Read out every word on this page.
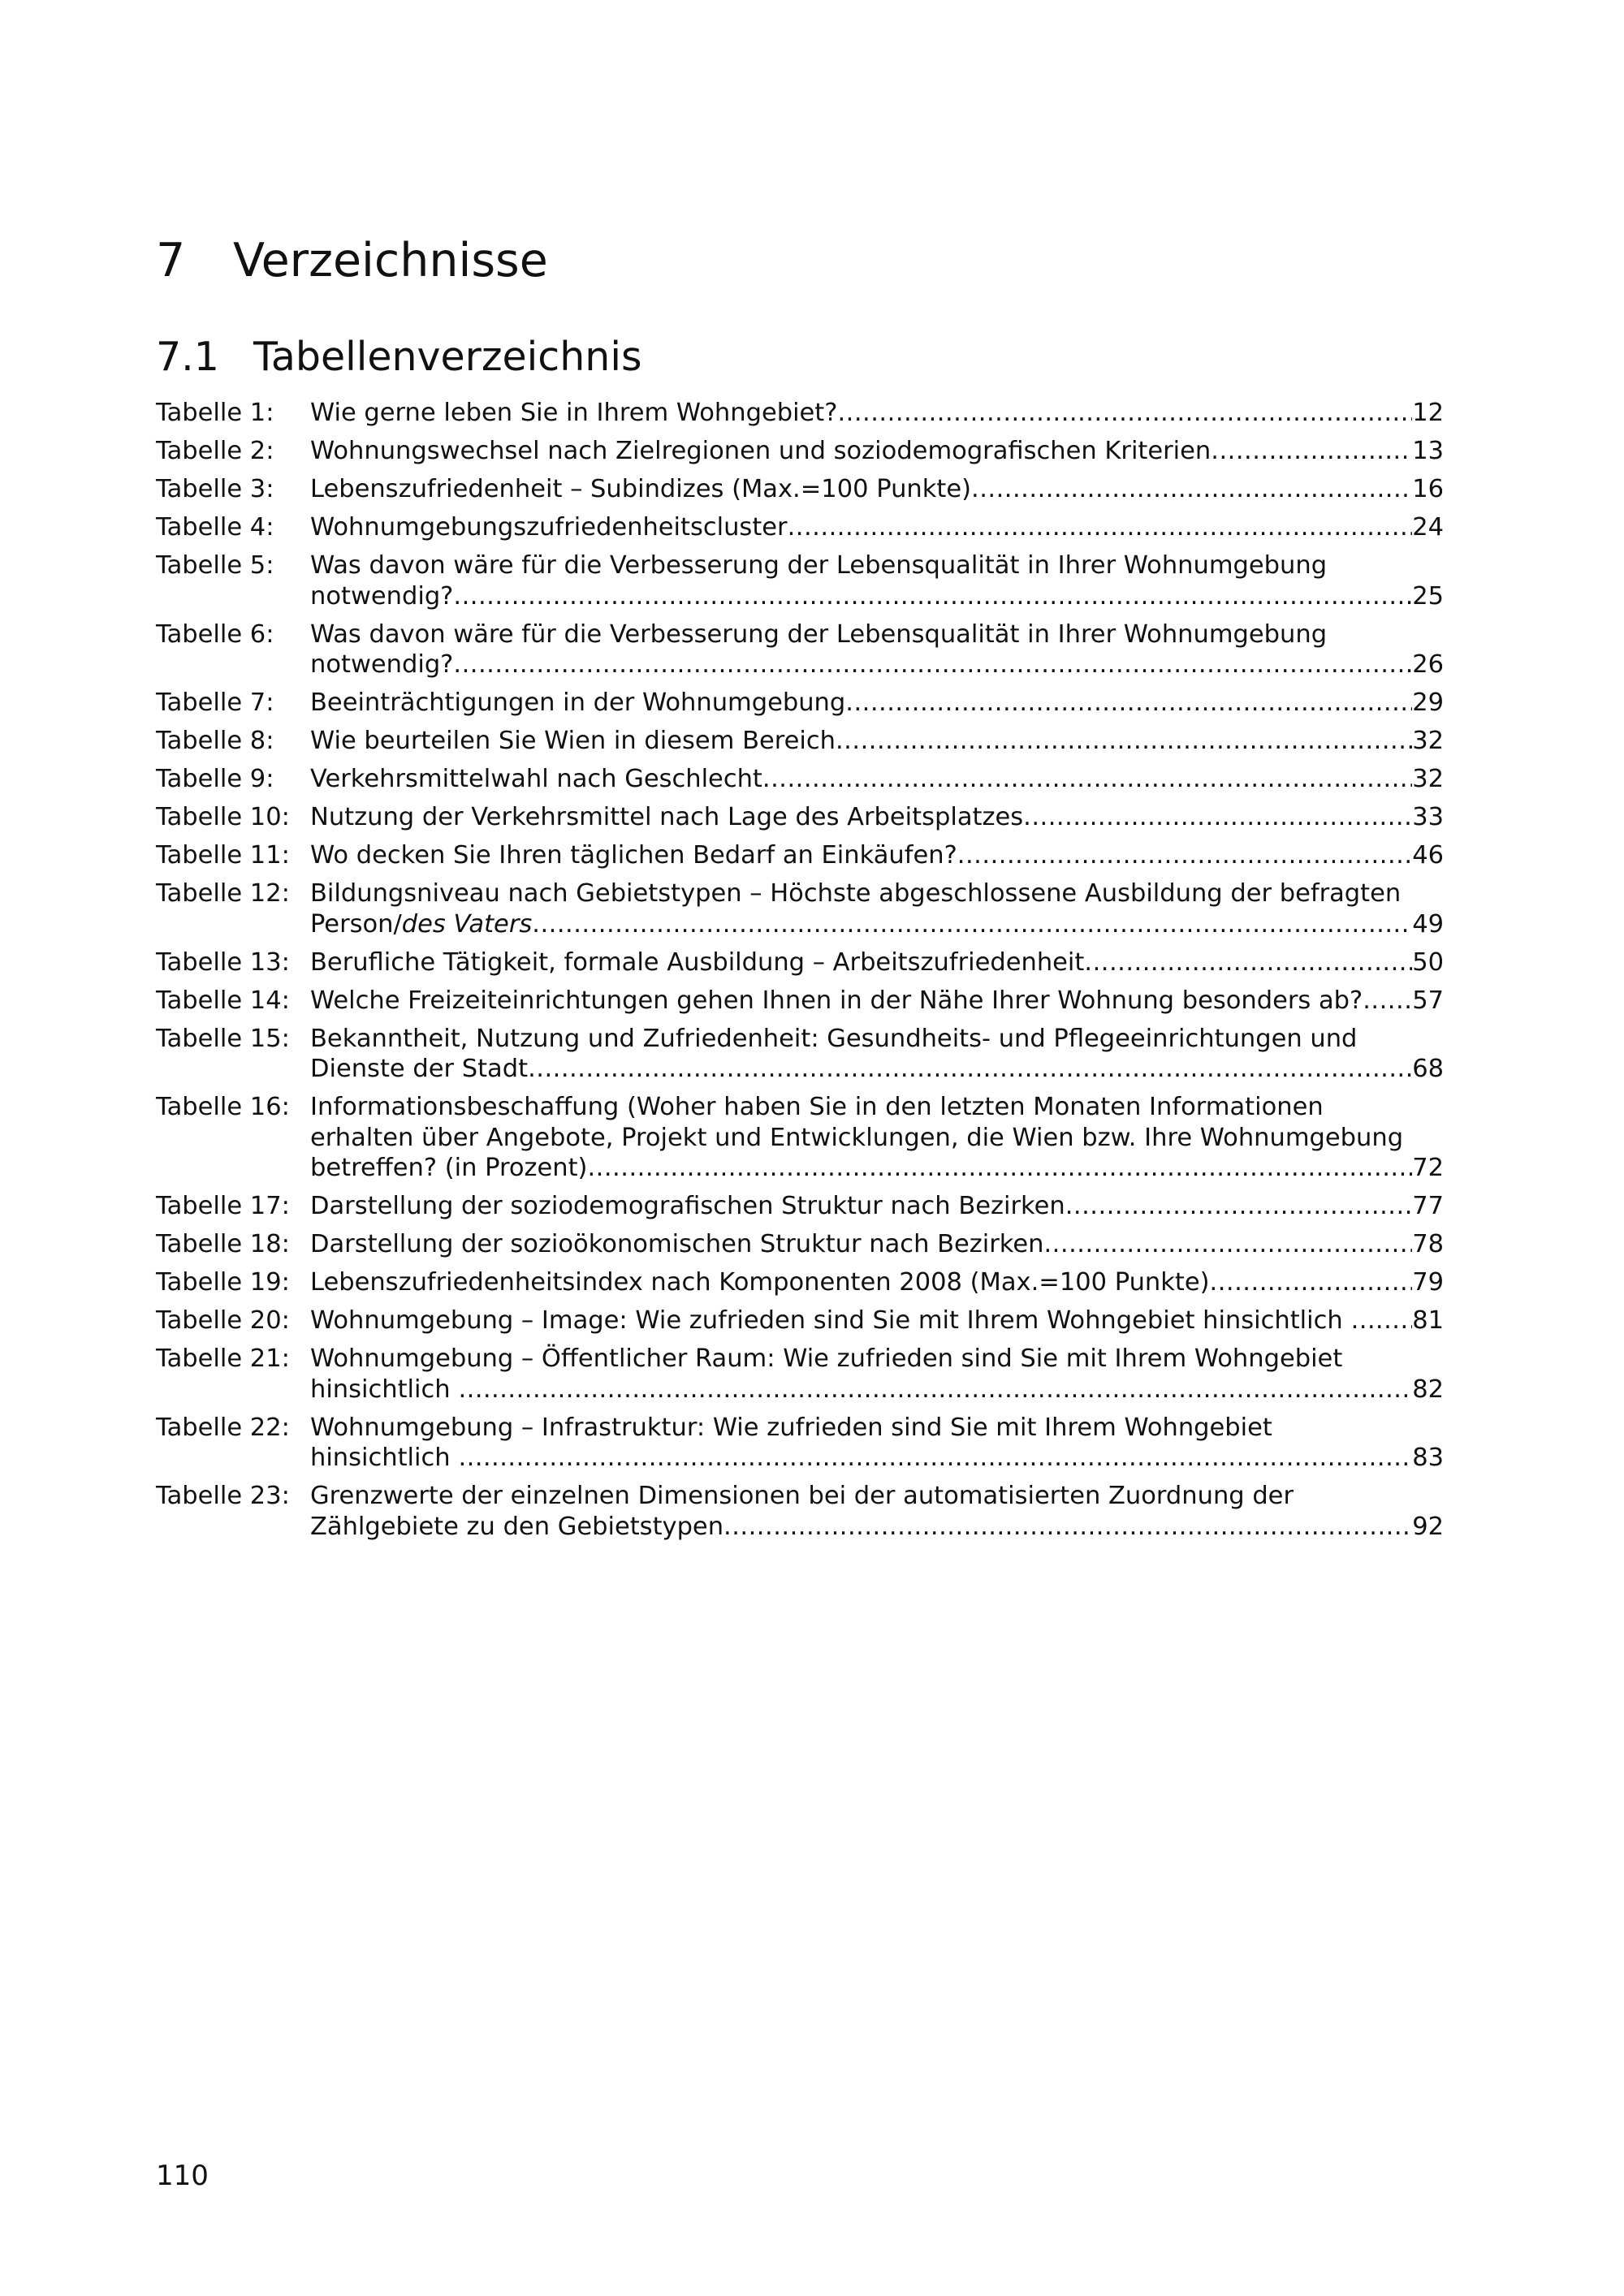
7 Verzeichnisse
7.1 Tabellenverzeichnis
Tabelle 1:	Wie gerne leben Sie in Ihrem Wohngebiet? .....	12
Tabelle 2:	Wohnungswechsel nach Zielregionen und soziodemografischen Kriterien .....	13
Tabelle 3:	Lebenszufriedenheit – Subindizes (Max.=100 Punkte) .....	16
Tabelle 4:	Wohnumgebungszufriedenheitscluster .....	24
Tabelle 5:	Was davon wäre für die Verbesserung der Lebensqualität in Ihrer Wohnumgebung
notwendig? .....	25
Tabelle 6:	Was davon wäre für die Verbesserung der Lebensqualität in Ihrer Wohnumgebung
notwendig? .....	26
Tabelle 7:	Beeinträchtigungen in der Wohnumgebung .....	29
Tabelle 8:	Wie beurteilen Sie Wien in diesem Bereich .....	32
Tabelle 9:	Verkehrsmittelwahl nach Geschlecht .....	32
Tabelle 10: Nutzung der Verkehrsmittel nach Lage des Arbeitsplatzes .....	33
Tabelle 11: Wo decken Sie Ihren täglichen Bedarf an Einkäufen? .....	46
Tabelle 12: Bildungsniveau nach Gebietstypen – Höchste abgeschlossene Ausbildung der befragten
Person/des Vaters .....	49
Tabelle 13: Berufliche Tätigkeit, formale Ausbildung – Arbeitszufriedenheit .....	50
Tabelle 14: Welche Freizeiteinrichtungen gehen Ihnen in der Nähe Ihrer Wohnung besonders ab? ..... 57
Tabelle 15: Bekanntheit, Nutzung und Zufriedenheit: Gesundheits- und Pflegeeinrichtungen und
Dienste der Stadt .....	68
Tabelle 16: Informationsbeschaffung (Woher haben Sie in den letzten Monaten Informationen
erhalten über Angebote, Projekt und Entwicklungen, die Wien bzw. Ihre Wohnumgebung
betreffen? (in Prozent) .....	72
Tabelle 17: Darstellung der soziodemografischen Struktur nach Bezirken .....	77
Tabelle 18: Darstellung der sozioökonomischen Struktur nach Bezirken .....	78
Tabelle 19: Lebenszufriedenheitsindex nach Komponenten 2008 (Max.=100 Punkte) .....	79
Tabelle 20: Wohnumgebung – Image: Wie zufrieden sind Sie mit Ihrem Wohngebiet hinsichtlich … ..... 81
Tabelle 21: Wohnumgebung – Öffentlicher Raum: Wie zufrieden sind Sie mit Ihrem Wohngebiet
hinsichtlich … .....	82
Tabelle 22: Wohnumgebung – Infrastruktur: Wie zufrieden sind Sie mit Ihrem Wohngebiet
hinsichtlich … .....	83
Tabelle 23: Grenzwerte der einzelnen Dimensionen bei der automatisierten Zuordnung der
Zählgebiete zu den Gebietstypen .....	92
110
